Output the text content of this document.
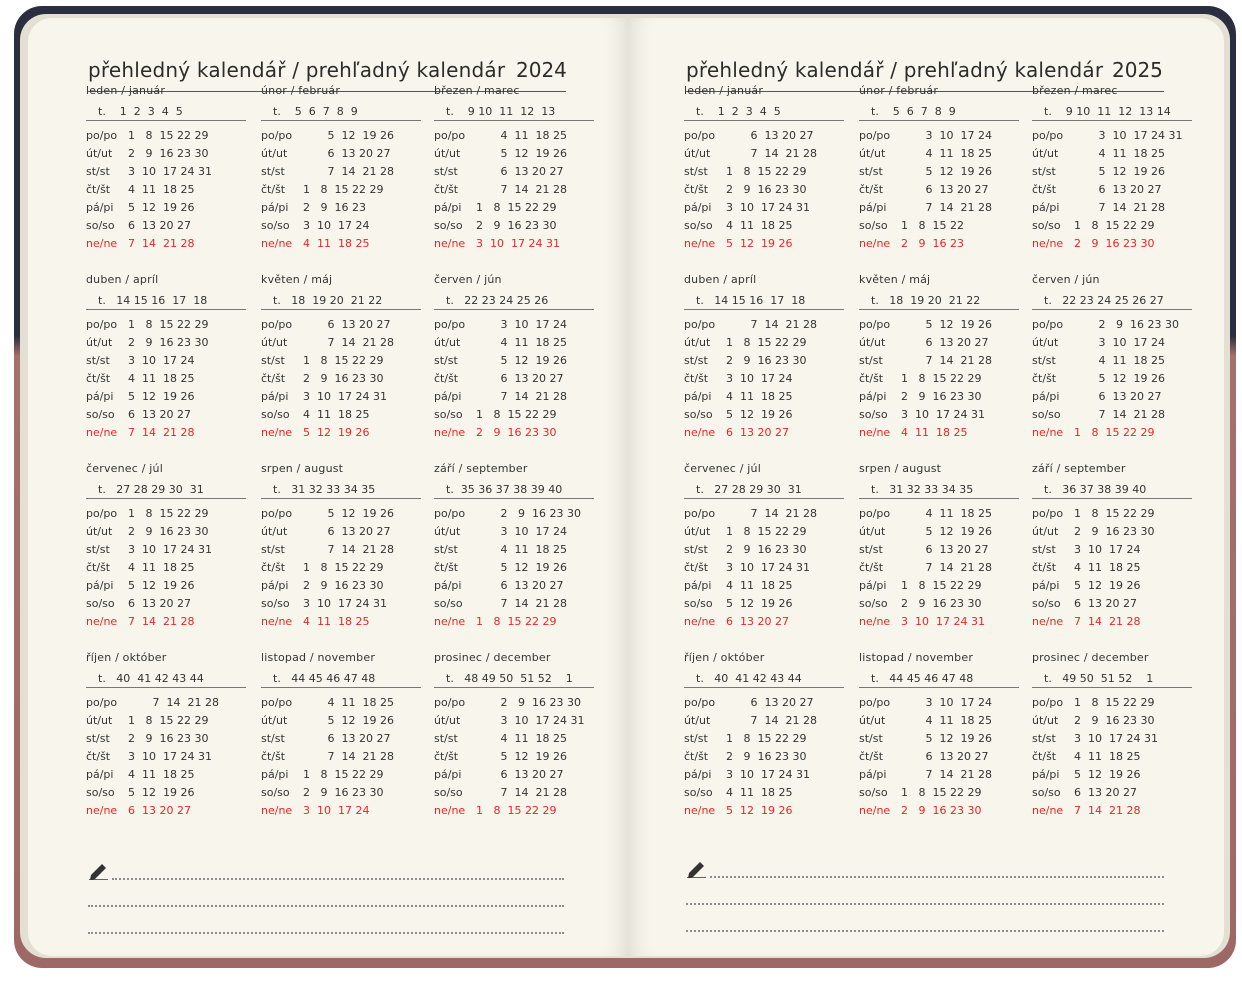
přehledný kalendář / prehľadný kalendár 2024
leden / január
t.    1  2  3  4  5
po/po 1   8  15 22 29
út/ut 2   9  16 23 30
st/st 3  10  17 24 31
čt/št 4  11  18 25
pá/pi 5  12  19 26
so/so 6  13 20 27
ne/ne 7  14  21 28
únor / február
t.    5  6  7  8  9
po/po       5  12  19 26
út/ut       6  13 20 27
st/st       7  14  21 28
čt/št 1   8  15 22 29
pá/pi 2   9  16 23
so/so 3  10  17 24
ne/ne 4  11  18 25
březen / marec
t.    9 10  11  12  13
po/po       4  11  18 25
út/ut       5  12  19 26
st/st       6  13 20 27
čt/št       7  14  21 28
pá/pi 1   8  15 22 29
so/so 2   9  16 23 30
ne/ne 3  10  17 24 31
duben / apríl
t.   14 15 16  17  18
po/po 1   8  15 22 29
út/ut 2   9  16 23 30
st/st 3  10  17 24
čt/št 4  11  18 25
pá/pi 5  12  19 26
so/so 6  13 20 27
ne/ne 7  14  21 28
květen / máj
t.   18  19 20  21 22
po/po       6  13 20 27
út/ut       7  14  21 28
st/st 1   8  15 22 29
čt/št 2   9  16 23 30
pá/pi 3  10  17 24 31
so/so 4  11  18 25
ne/ne 5  12  19 26
červen / jún
t.   22 23 24 25 26
po/po       3  10  17 24
út/ut       4  11  18 25
st/st       5  12  19 26
čt/št       6  13 20 27
pá/pi       7  14  21 28
so/so 1   8  15 22 29
ne/ne 2   9  16 23 30
červenec / júl
t.   27 28 29 30  31
po/po 1   8  15 22 29
út/ut 2   9  16 23 30
st/st 3  10  17 24 31
čt/št 4  11  18 25
pá/pi 5  12  19 26
so/so 6  13 20 27
ne/ne 7  14  21 28
srpen / august
t.   31 32 33 34 35
po/po       5  12  19 26
út/ut       6  13 20 27
st/st       7  14  21 28
čt/št 1   8  15 22 29
pá/pi 2   9  16 23 30
so/so 3  10  17 24 31
ne/ne 4  11  18 25
září / september
t.  35 36 37 38 39 40
po/po       2   9  16 23 30
út/ut       3  10  17 24
st/st       4  11  18 25
čt/št       5  12  19 26
pá/pi       6  13 20 27
so/so       7  14  21 28
ne/ne 1   8  15 22 29
říjen / október
t.   40  41 42 43 44
po/po       7  14  21 28
út/ut 1   8  15 22 29
st/st 2   9  16 23 30
čt/št 3  10  17 24 31
pá/pi 4  11  18 25
so/so 5  12  19 26
ne/ne 6  13 20 27
listopad / november
t.   44 45 46 47 48
po/po       4  11  18 25
út/ut       5  12  19 26
st/st       6  13 20 27
čt/št       7  14  21 28
pá/pi 1   8  15 22 29
so/so 2   9  16 23 30
ne/ne 3  10  17 24
prosinec / december
t.   48 49 50  51 52    1
po/po       2   9  16 23 30
út/ut       3  10  17 24 31
st/st       4  11  18 25
čt/št       5  12  19 26
pá/pi       6  13 20 27
so/so       7  14  21 28
ne/ne 1   8  15 22 29
přehledný kalendář / prehľadný kalendár 2025
leden / január
t.    1  2  3  4  5
po/po       6  13 20 27
út/ut       7  14  21 28
st/st 1   8  15 22 29
čt/št 2   9  16 23 30
pá/pi 3  10  17 24 31
so/so 4  11  18 25
ne/ne 5  12  19 26
únor / február
t.    5  6  7  8  9
po/po       3  10  17 24
út/ut       4  11  18 25
st/st       5  12  19 26
čt/št       6  13 20 27
pá/pi       7  14  21 28
so/so 1   8  15 22
ne/ne 2   9  16 23
březen / marec
t.    9 10  11  12  13 14
po/po       3  10  17 24 31
út/ut       4  11  18 25
st/st       5  12  19 26
čt/št       6  13 20 27
pá/pi       7  14  21 28
so/so 1   8  15 22 29
ne/ne 2   9  16 23 30
duben / apríl
t.   14 15 16  17  18
po/po       7  14  21 28
út/ut 1   8  15 22 29
st/st 2   9  16 23 30
čt/št 3  10  17 24
pá/pi 4  11  18 25
so/so 5  12  19 26
ne/ne 6  13 20 27
květen / máj
t.   18  19 20  21 22
po/po       5  12  19 26
út/ut       6  13 20 27
st/st       7  14  21 28
čt/št 1   8  15 22 29
pá/pi 2   9  16 23 30
so/so 3  10  17 24 31
ne/ne 4  11  18 25
červen / jún
t.   22 23 24 25 26 27
po/po       2   9  16 23 30
út/ut       3  10  17 24
st/st       4  11  18 25
čt/št       5  12  19 26
pá/pi       6  13 20 27
so/so       7  14  21 28
ne/ne 1   8  15 22 29
červenec / júl
t.   27 28 29 30  31
po/po       7  14  21 28
út/ut 1   8  15 22 29
st/st 2   9  16 23 30
čt/št 3  10  17 24 31
pá/pi 4  11  18 25
so/so 5  12  19 26
ne/ne 6  13 20 27
srpen / august
t.   31 32 33 34 35
po/po       4  11  18 25
út/ut       5  12  19 26
st/st       6  13 20 27
čt/št       7  14  21 28
pá/pi 1   8  15 22 29
so/so 2   9  16 23 30
ne/ne 3  10  17 24 31
září / september
t.   36 37 38 39 40
po/po 1   8  15 22 29
út/ut 2   9  16 23 30
st/st 3  10  17 24
čt/št 4  11  18 25
pá/pi 5  12  19 26
so/so 6  13 20 27
ne/ne 7  14  21 28
říjen / október
t.   40  41 42 43 44
po/po       6  13 20 27
út/ut       7  14  21 28
st/st 1   8  15 22 29
čt/št 2   9  16 23 30
pá/pi 3  10  17 24 31
so/so 4  11  18 25
ne/ne 5  12  19 26
listopad / november
t.   44 45 46 47 48
po/po       3  10  17 24
út/ut       4  11  18 25
st/st       5  12  19 26
čt/št       6  13 20 27
pá/pi       7  14  21 28
so/so 1   8  15 22 29
ne/ne 2   9  16 23 30
prosinec / december
t.   49 50  51 52    1
po/po 1   8  15 22 29
út/ut 2   9  16 23 30
st/st 3  10  17 24 31
čt/št 4  11  18 25
pá/pi 5  12  19 26
so/so 6  13 20 27
ne/ne 7  14  21 28
